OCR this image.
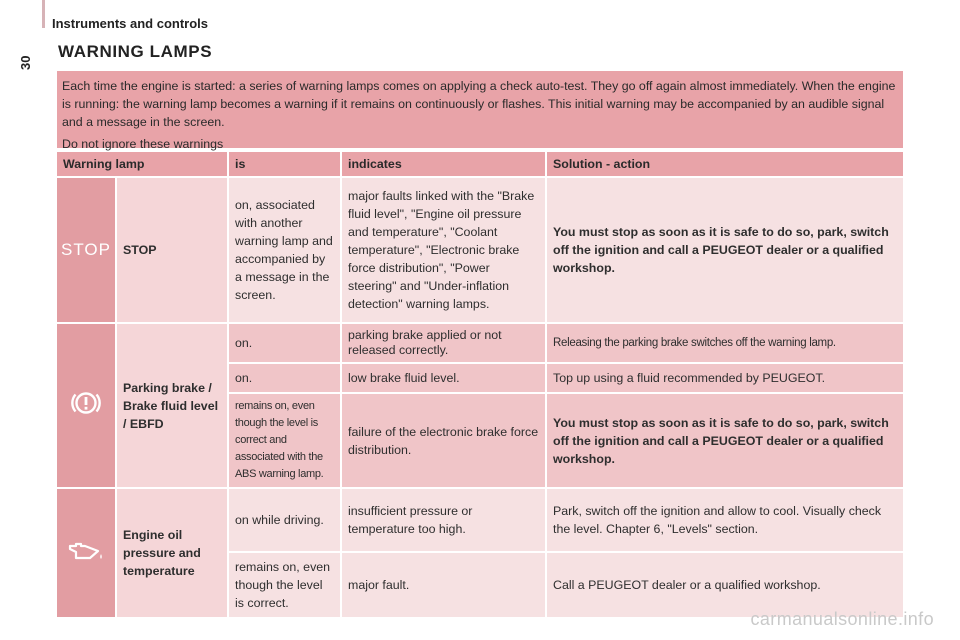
30
Instruments and controls
WARNING LAMPS

Each time the engine is started: a series of warning lamps comes on applying a check auto-test. They go off again almost immediately. When the engine is running: the warning lamp becomes a warning if it remains on continuously or flashes. This initial warning may be accompanied by an audible signal and a message in the screen.

Do not ignore these warnings

Warning lamp		is	indicates	Solution - action
STOP	STOP	on, associated with another warning lamp and accompanied by a message in the screen.	major faults linked with the "Brake fluid level", "Engine oil pressure and temperature", "Coolant temperature", "Electronic brake force distribution", "Power steering" and "Under-inflation detection" warning lamps.	You must stop as soon as it is safe to do so, park, switch off the ignition and call a PEUGEOT dealer or a qualified workshop.
	Parking brake / Brake fluid level / EBFD	on.	parking brake applied or not released correctly.	Releasing the parking brake switches off the warning lamp.
		on.	low brake fluid level.	Top up using a fluid recommended by PEUGEOT.
		remains on, even though the level is correct and associated with the ABS warning lamp.	failure of the electronic brake force distribution.	You must stop as soon as it is safe to do so, park, switch off the ignition and call a PEUGEOT dealer or a qualified workshop.
	Engine oil pressure and temperature	on while driving.	insufficient pressure or temperature too high.	Park, switch off the ignition and allow to cool. Visually check the level. Chapter 6, "Levels" section.
		remains on, even though the level is correct.	major fault.	Call a PEUGEOT dealer or a qualified workshop.
carmanualsonline.info
